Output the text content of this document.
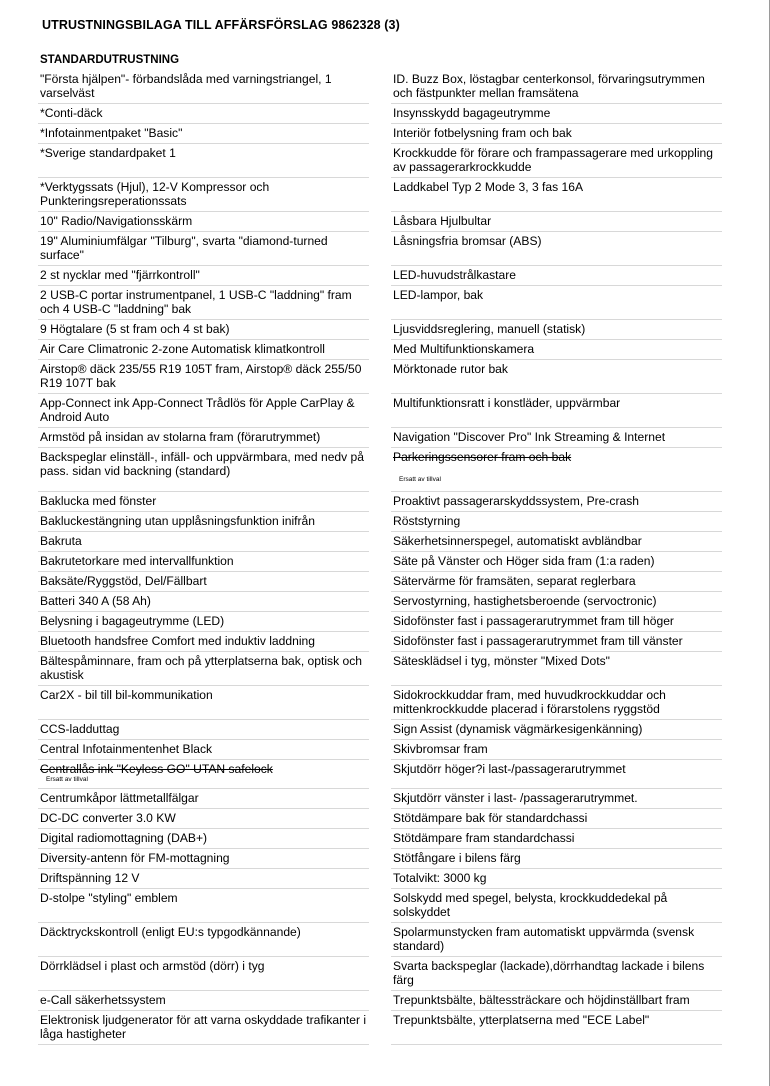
UTRUSTNINGSBILAGA TILL AFFÄRSFÖRSLAG 9862328 (3)
STANDARDUTRUSTNING
"Första hjälpen"- förbandslåda med varningstriangel, 1 varselväst
*Conti-däck
*Infotainmentpaket "Basic"
*Sverige standardpaket 1
*Verktygssats (Hjul), 12-V Kompressor och Punkteringsreperationssats
10" Radio/Navigationsskärm
19" Aluminiumfälgar "Tilburg", svarta "diamond-turned surface"
2 st nycklar med "fjärrkontroll"
2 USB-C portar instrumentpanel, 1 USB-C "laddning" fram och 4 USB-C "laddning" bak
9 Högtalare (5 st fram och 4 st bak)
Air Care Climatronic 2-zone Automatisk klimatkontroll
Airstop® däck 235/55 R19 105T fram, Airstop® däck 255/50 R19 107T bak
App-Connect ink App-Connect Trådlös för Apple CarPlay & Android Auto
Armstöd på insidan av stolarna fram (förarutrymmet)
Backspeglar elinställ-, infäll- och uppvärmbara, med nedv på pass. sidan vid backning (standard)
Baklucka med fönster
Bakluckestängning utan upplåsningsfunktion inifrån
Bakruta
Bakrutetorkare med intervallfunktion
Baksäte/Ryggstöd, Del/Fällbart
Batteri 340 A (58 Ah)
Belysning i bagageutrymme (LED)
Bluetooth handsfree Comfort med induktiv laddning
Bältespåminnare, fram och på ytterplatserna bak, optisk och akustisk
Car2X - bil till bil-kommunikation
CCS-ladduttag
Central Infotainmentenhet Black
Centrallås ink "Keyless GO" UTAN safelock
Ersatt av tillval
Centrumkåpor lättmetallfälgar
DC-DC converter 3.0 KW
Digital radiomottagning (DAB+)
Diversity-antenn för FM-mottagning
Driftspänning 12 V
D-stolpe "styling" emblem
Däcktryckskontroll (enligt EU:s typgodkännande)
Dörrklädsel i plast och armstöd (dörr) i tyg
e-Call säkerhetssystem
Elektronisk ljudgenerator för att varna oskyddade trafikanter i låga hastigheter
ID. Buzz Box, löstagbar centerkonsol, förvaringsutrymmen och fästpunkter mellan framsätena
Insynsskydd bagageutrymme
Interiör fotbelysning fram och bak
Krockkudde för förare och frampassagerare med urkoppling av passagerarkrockkudde
Laddkabel Typ 2 Mode 3, 3 fas 16A
Låsbara Hjulbultar
Låsningsfria bromsar (ABS)
LED-huvudstrålkastare
LED-lampor, bak
Ljusviddsreglering, manuell (statisk)
Med Multifunktionskamera
Mörktonade rutor bak
Multifunktionsratt i konstläder, uppvärmbar
Navigation "Discover Pro" Ink Streaming & Internet
Parkeringssensorer fram och bak
Ersatt av tillval
Proaktivt passagerarskyddssystem, Pre-crash
Röststyrning
Säkerhetsinnerspegel, automatiskt avbländbar
Säte på Vänster och Höger sida fram (1:a raden)
Sätervärme för framsäten, separat reglerbara
Servostyrning, hastighetsberoende (servoctronic)
Sidofönster fast i passagerarutrymmet fram till höger
Sidofönster fast i passagerarutrymmet fram till vänster
Sätesklädsel i tyg, mönster "Mixed Dots"
Sidokrockkuddar fram, med huvudkrockkuddar och mittenkrockkudde placerad i förarstolens ryggstöd
Sign Assist (dynamisk vägmärkesigenkänning)
Skivbromsar fram
Skjutdörr höger?i last-/passagerarutrymmet
Skjutdörr vänster i last- /passagerarutrymmet.
Stötdämpare bak för standardchassi
Stötdämpare fram standardchassi
Stötfångare i bilens färg
Totalvikt: 3000 kg
Solskydd med spegel, belysta, krockkuddedekal på solskyddet
Spolarmunstycken fram automatiskt uppvärmda (svensk standard)
Svarta backspeglar (lackade),dörrhandtag lackade i bilens färg
Trepunktsbälte, bältessträckare och höjdinställbart fram
Trepunktsbälte, ytterplatserna med "ECE Label"
